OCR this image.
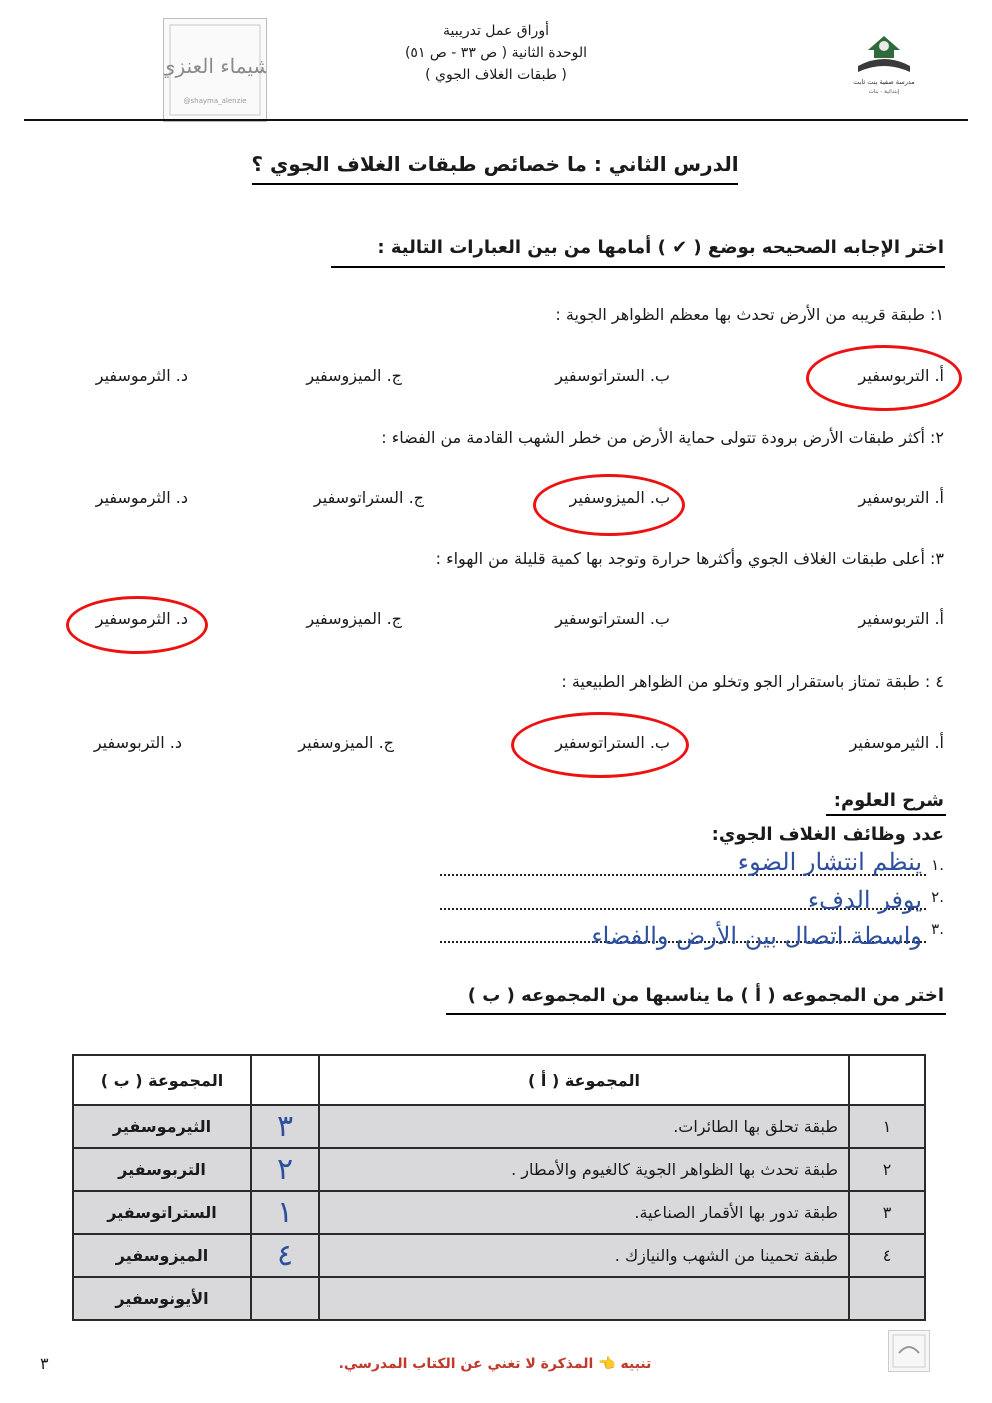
شيماء العنزي
@shayma_alenzie
أوراق عمل تدريبية
الوحدة الثانية ( ص ٣٣ - ص ٥١)
( طبقات الغلاف الجوي )	مدرسة صفية بنت ثابت
إبتدائية - بنات
الدرس الثاني : ما خصائص طبقات الغلاف الجوي ؟
اختر الإجابه الصحيحه بوضع ( ✔ ) أمامها من بين العبارات التالية :
١: طبقة قريبه من الأرض تحدث بها معظم الظواهر الجوية :
أ. التربوسفير
ب. الستراتوسفير
ج. الميزوسفير
د. الثرموسفير
٢: أكثر طبقات الأرض برودة تتولى حماية الأرض من خطر الشهب القادمة من الفضاء :
أ. التربوسفير
ب. الميزوسفير
ج. الستراتوسفير
د. الثرموسفير
٣: أعلى طبقات الغلاف الجوي وأكثرها حرارة وتوجد بها كمية قليلة من الهواء :
أ. التربوسفير
ب. الستراتوسفير
ج. الميزوسفير
د. الثرموسفير
٤ : طبقة تمتاز باستقرار الجو وتخلو من الظواهر الطبيعية :
أ. الثيرموسفير
ب. الستراتوسفير
ج. الميزوسفير
د. التربوسفير
شرح العلوم:
عدد وظائف الغلاف الجوي:
١.
ينظم انتشار الضوء
٢.
يوفر الدفء
٣.
واسطة اتصال بين الأرض والفضاء
اختر من المجموعه ( أ ) ما يناسبها من المجموعه ( ب )
	المجموعة ( أ )		المجموعة ( ب )
١	طبقة تحلق بها الطائرات.	٣	الثيرموسفير
٢	طبقة تحدث بها الظواهر الجوية كالغيوم والأمطار .	٢	التربوسفير
٣	طبقة تدور بها الأقمار الصناعية.	١	الستراتوسفير
٤	طبقة تحمينا من الشهب والنيازك .	٤	الميزوسفير
			الأيونوسفير
تنبيه 👈 المذكرة لا تغني عن الكتاب المدرسي.
٣
